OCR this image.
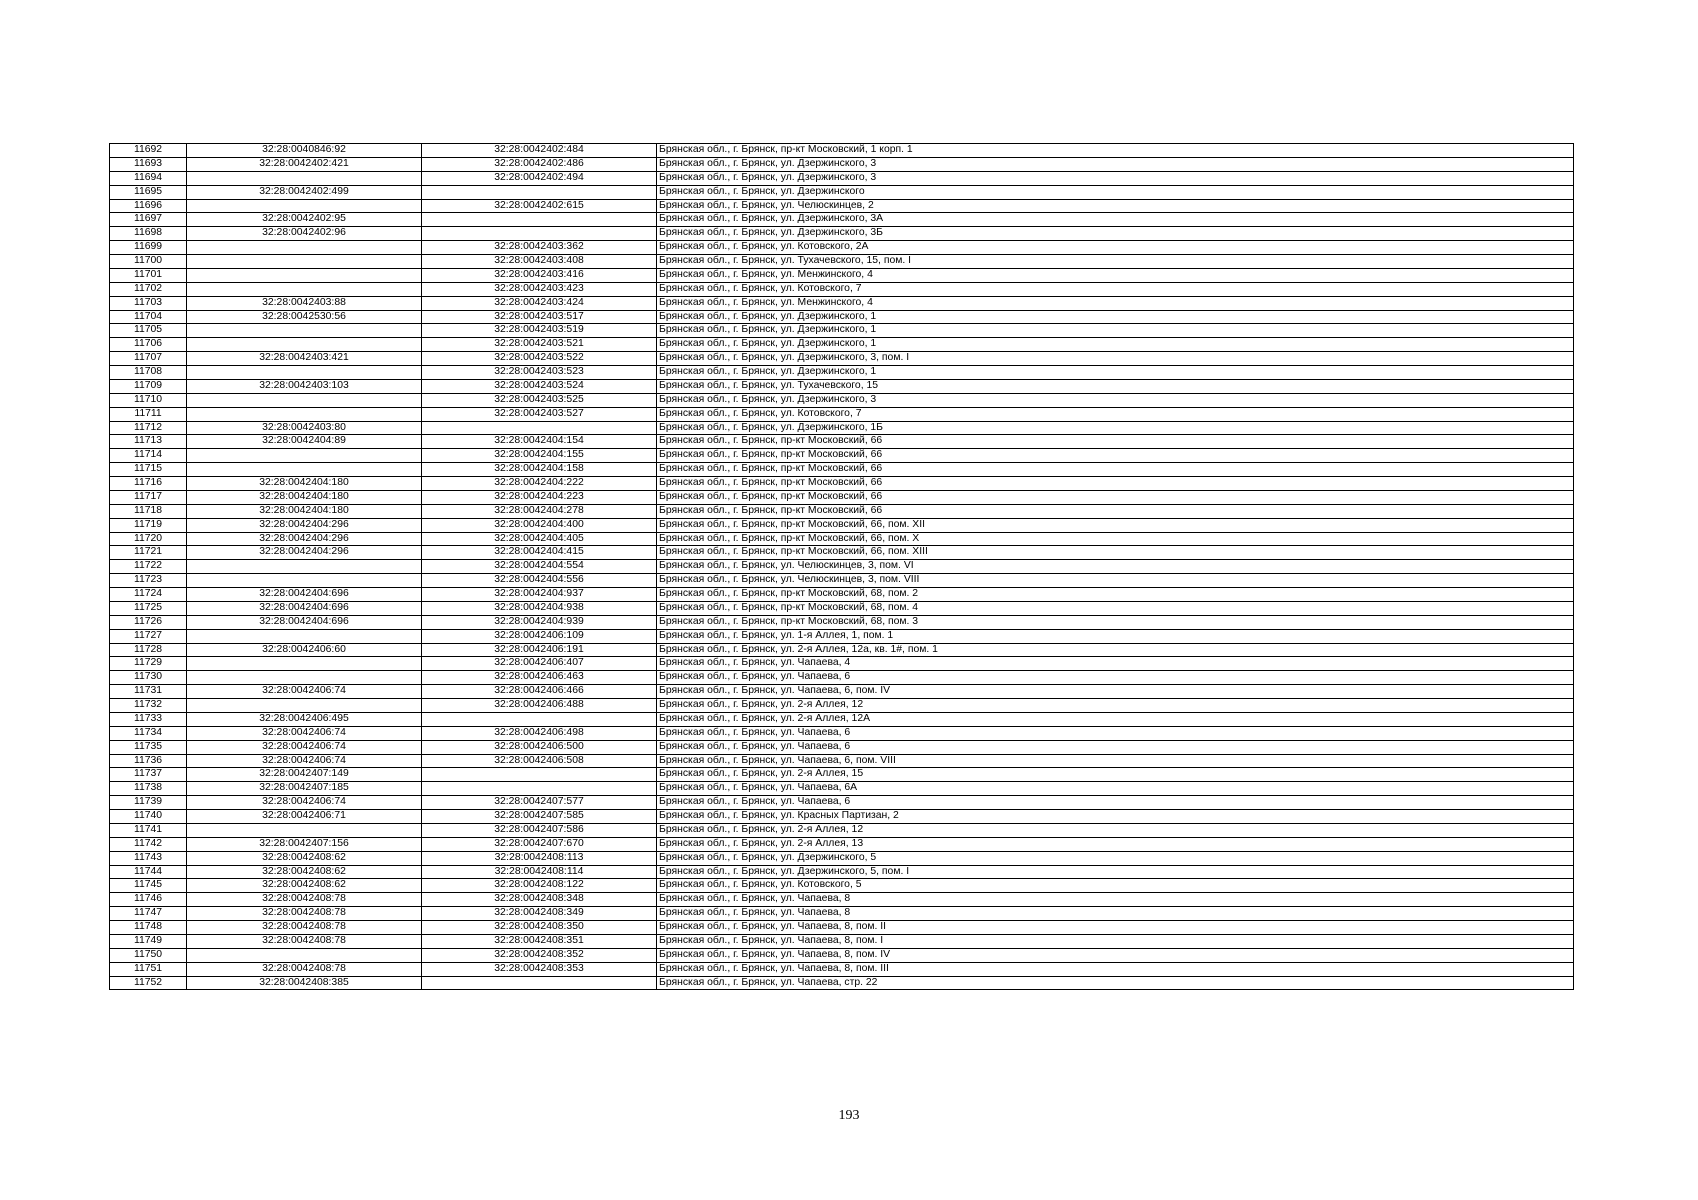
11692	32:28:0040846:92	32:28:0042402:484	Брянская обл., г. Брянск, пр-кт Московский, 1 корп. 1
11693	32:28:0042402:421	32:28:0042402:486	Брянская обл., г. Брянск, ул. Дзержинского, 3
11694		32:28:0042402:494	Брянская обл., г. Брянск, ул. Дзержинского, 3
11695	32:28:0042402:499		Брянская обл., г. Брянск, ул. Дзержинского
11696		32:28:0042402:615	Брянская обл., г. Брянск, ул. Челюскинцев, 2
11697	32:28:0042402:95		Брянская обл., г. Брянск, ул. Дзержинского, 3А
11698	32:28:0042402:96		Брянская обл., г. Брянск, ул. Дзержинского, 3Б
11699		32:28:0042403:362	Брянская обл., г. Брянск, ул. Котовского, 2А
11700		32:28:0042403:408	Брянская обл., г. Брянск, ул. Тухачевского, 15, пом. I
11701		32:28:0042403:416	Брянская обл., г. Брянск, ул. Менжинского, 4
11702		32:28:0042403:423	Брянская обл., г. Брянск, ул. Котовского, 7
11703	32:28:0042403:88	32:28:0042403:424	Брянская обл., г. Брянск, ул. Менжинского, 4
11704	32:28:0042530:56	32:28:0042403:517	Брянская обл., г. Брянск, ул. Дзержинского, 1
11705		32:28:0042403:519	Брянская обл., г. Брянск, ул. Дзержинского, 1
11706		32:28:0042403:521	Брянская обл., г. Брянск, ул. Дзержинского, 1
11707	32:28:0042403:421	32:28:0042403:522	Брянская обл., г. Брянск, ул. Дзержинского, 3, пом. I
11708		32:28:0042403:523	Брянская обл., г. Брянск, ул. Дзержинского, 1
11709	32:28:0042403:103	32:28:0042403:524	Брянская обл., г. Брянск, ул. Тухачевского, 15
11710		32:28:0042403:525	Брянская обл., г. Брянск, ул. Дзержинского, 3
11711		32:28:0042403:527	Брянская обл., г. Брянск, ул. Котовского, 7
11712	32:28:0042403:80		Брянская обл., г. Брянск, ул. Дзержинского, 1Б
11713	32:28:0042404:89	32:28:0042404:154	Брянская обл., г. Брянск, пр-кт Московский, 66
11714		32:28:0042404:155	Брянская обл., г. Брянск, пр-кт Московский, 66
11715		32:28:0042404:158	Брянская обл., г. Брянск, пр-кт Московский, 66
11716	32:28:0042404:180	32:28:0042404:222	Брянская обл., г. Брянск, пр-кт Московский, 66
11717	32:28:0042404:180	32:28:0042404:223	Брянская обл., г. Брянск, пр-кт Московский, 66
11718	32:28:0042404:180	32:28:0042404:278	Брянская обл., г. Брянск, пр-кт Московский, 66
11719	32:28:0042404:296	32:28:0042404:400	Брянская обл., г. Брянск, пр-кт Московский, 66, пом. XII
11720	32:28:0042404:296	32:28:0042404:405	Брянская обл., г. Брянск, пр-кт Московский, 66, пом. X
11721	32:28:0042404:296	32:28:0042404:415	Брянская обл., г. Брянск, пр-кт Московский, 66, пом. XIII
11722		32:28:0042404:554	Брянская обл., г. Брянск, ул. Челюскинцев, 3, пом. VI
11723		32:28:0042404:556	Брянская обл., г. Брянск, ул. Челюскинцев, 3, пом. VIII
11724	32:28:0042404:696	32:28:0042404:937	Брянская обл., г. Брянск, пр-кт Московский, 68, пом. 2
11725	32:28:0042404:696	32:28:0042404:938	Брянская обл., г. Брянск, пр-кт Московский, 68, пом. 4
11726	32:28:0042404:696	32:28:0042404:939	Брянская обл., г. Брянск, пр-кт Московский, 68, пом. 3
11727		32:28:0042406:109	Брянская обл., г. Брянск, ул. 1-я Аллея, 1, пом. 1
11728	32:28:0042406:60	32:28:0042406:191	Брянская обл., г. Брянск, ул. 2-я Аллея, 12а, кв. 1#, пом. 1
11729		32:28:0042406:407	Брянская обл., г. Брянск, ул. Чапаева, 4
11730		32:28:0042406:463	Брянская обл., г. Брянск, ул. Чапаева, 6
11731	32:28:0042406:74	32:28:0042406:466	Брянская обл., г. Брянск, ул. Чапаева, 6, пом. IV
11732		32:28:0042406:488	Брянская обл., г. Брянск, ул. 2-я Аллея, 12
11733	32:28:0042406:495		Брянская обл., г. Брянск, ул. 2-я Аллея, 12А
11734	32:28:0042406:74	32:28:0042406:498	Брянская обл., г. Брянск, ул. Чапаева, 6
11735	32:28:0042406:74	32:28:0042406:500	Брянская обл., г. Брянск, ул. Чапаева, 6
11736	32:28:0042406:74	32:28:0042406:508	Брянская обл., г. Брянск, ул. Чапаева, 6, пом. VIII
11737	32:28:0042407:149		Брянская обл., г. Брянск, ул. 2-я Аллея, 15
11738	32:28:0042407:185		Брянская обл., г. Брянск, ул. Чапаева, 6А
11739	32:28:0042406:74	32:28:0042407:577	Брянская обл., г. Брянск, ул. Чапаева, 6
11740	32:28:0042406:71	32:28:0042407:585	Брянская обл., г. Брянск, ул. Красных Партизан, 2
11741		32:28:0042407:586	Брянская обл., г. Брянск, ул. 2-я Аллея, 12
11742	32:28:0042407:156	32:28:0042407:670	Брянская обл., г. Брянск, ул. 2-я Аллея, 13
11743	32:28:0042408:62	32:28:0042408:113	Брянская обл., г. Брянск, ул. Дзержинского, 5
11744	32:28:0042408:62	32:28:0042408:114	Брянская обл., г. Брянск, ул. Дзержинского, 5, пом. I
11745	32:28:0042408:62	32:28:0042408:122	Брянская обл., г. Брянск, ул. Котовского, 5
11746	32:28:0042408:78	32:28:0042408:348	Брянская обл., г. Брянск, ул. Чапаева, 8
11747	32:28:0042408:78	32:28:0042408:349	Брянская обл., г. Брянск, ул. Чапаева, 8
11748	32:28:0042408:78	32:28:0042408:350	Брянская обл., г. Брянск, ул. Чапаева, 8, пом. II
11749	32:28:0042408:78	32:28:0042408:351	Брянская обл., г. Брянск, ул. Чапаева, 8, пом. I
11750		32:28:0042408:352	Брянская обл., г. Брянск, ул. Чапаева, 8, пом. IV
11751	32:28:0042408:78	32:28:0042408:353	Брянская обл., г. Брянск, ул. Чапаева, 8, пом. III
11752	32:28:0042408:385		Брянская обл., г. Брянск, ул. Чапаева, стр. 22
193
